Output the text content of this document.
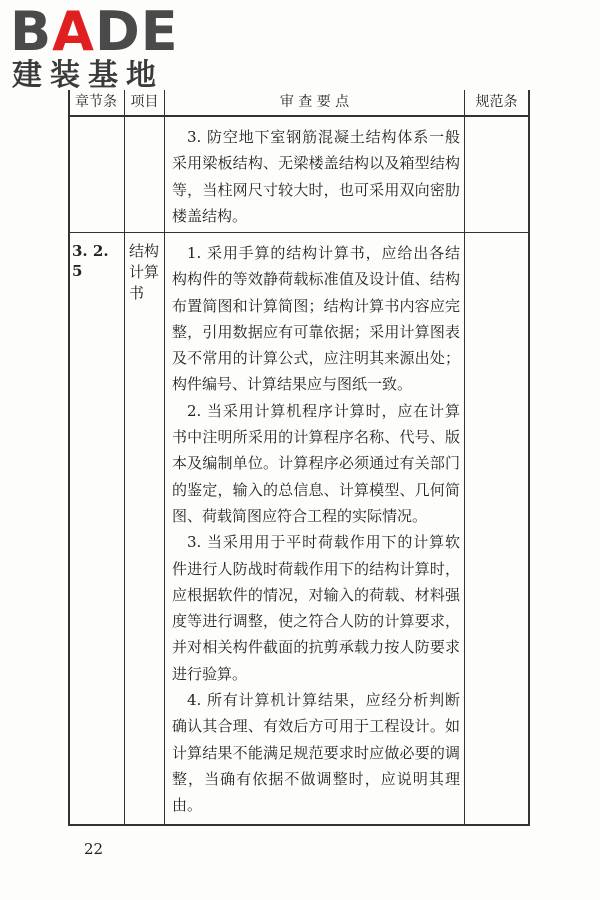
BADE
建装基地
章节条 项目	审 查 要 点	规范条

3. 防空地下室钢筋混凝土结构体系一般采用梁板结构、无梁楼盖结构以及箱型结构等，当柱网尺寸较大时，也可采用双向密肋楼盖结构。

3. 2. 5
结构计算书

1. 采用手算的结构计算书，应给出各结构构件的等效静荷载标准值及设计值、结构布置简图和计算简图；结构计算书内容应完整，引用数据应有可靠依据；采用计算图表及不常用的计算公式，应注明其来源出处；构件编号、计算结果应与图纸一致。

2. 当采用计算机程序计算时，应在计算书中注明所采用的计算程序名称、代号、版本及编制单位。计算程序必须通过有关部门的鉴定，输入的总信息、计算模型、几何简图、荷载简图应符合工程的实际情况。

3. 当采用用于平时荷载作用下的计算软件进行人防战时荷载作用下的结构计算时，应根据软件的情况，对输入的荷载、材料强度等进行调整，使之符合人防的计算要求，并对相关构件截面的抗剪承载力按人防要求进行验算。

4. 所有计算机计算结果，应经分析判断确认其合理、有效后方可用于工程设计。如计算结果不能满足规范要求时应做必要的调整，当确有依据不做调整时，应说明其理由。

22
